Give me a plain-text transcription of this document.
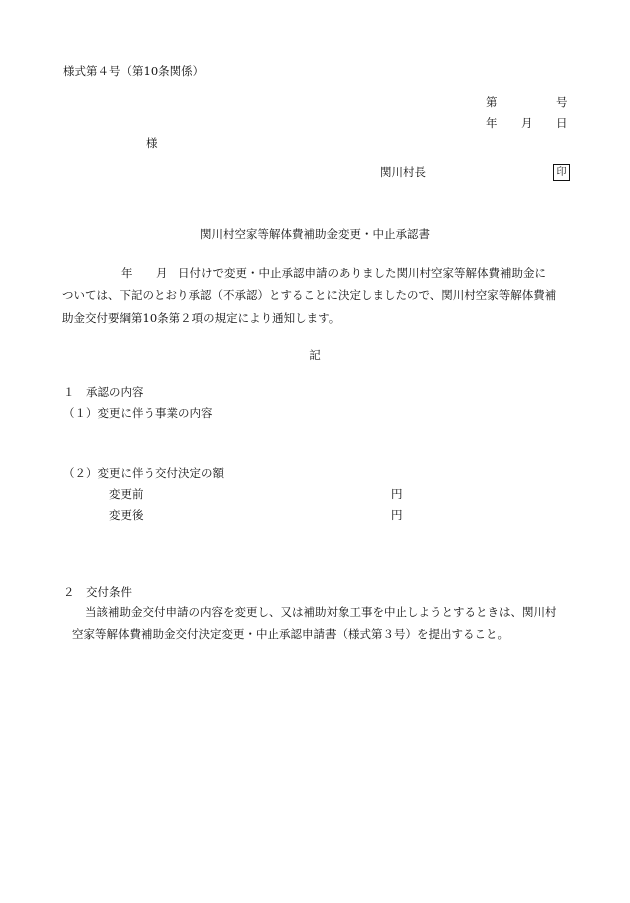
様式第４号（第10条関係）
第	号
年 月 日
様
関川村長	印
関川村空家等解体費補助金変更・中止承認書
年 月 日付けで変更・中止承認申請のありました関川村空家等解体費補助金に
ついては、下記のとおり承認（不承認）とすることに決定しましたので、関川村空家等解体費補
助金交付要綱第10条第２項の規定により通知します。
記
１　承認の内容
（１）変更に伴う事業の内容
（２）変更に伴う交付決定の額
変更前	円
変更後	円
２　交付条件
当該補助金交付申請の内容を変更し、又は補助対象工事を中止しようとするときは、関川村
空家等解体費補助金交付決定変更・中止承認申請書（様式第３号）を提出すること。
